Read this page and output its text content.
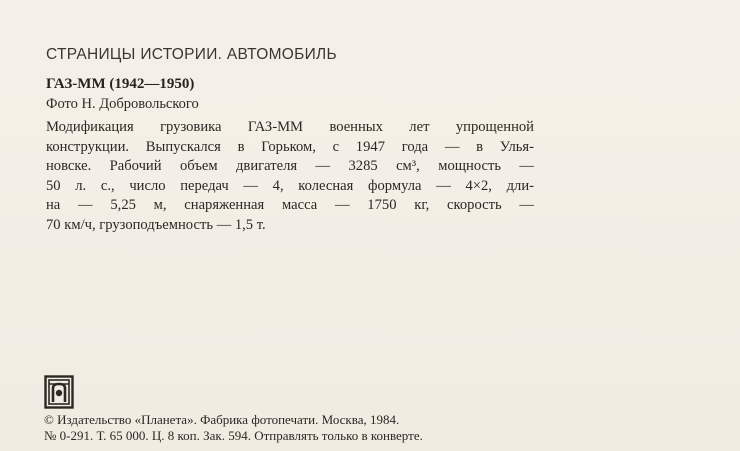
СТРАНИЦЫ ИСТОРИИ. АВТОМОБИЛЬ
ГАЗ-ММ (1942—1950)
Фото Н. Добровольского
Модификация грузовика ГАЗ-ММ военных лет упрощенной
конструкции. Выпускался в Горьком, с 1947 года — в Улья-
новске. Рабочий объем двигателя — 3285 см³, мощность —
50 л. с., число передач — 4, колесная формула — 4×2, дли-
на — 5,25 м, снаряженная масса — 1750 кг, скорость —
70 км/ч, грузоподъемность — 1,5 т.
© Издательство «Планета». Фабрика фотопечати. Москва, 1984.
№ 0-291. Т. 65 000. Ц. 8 коп. Зак. 594. Отправлять только в конверте.
